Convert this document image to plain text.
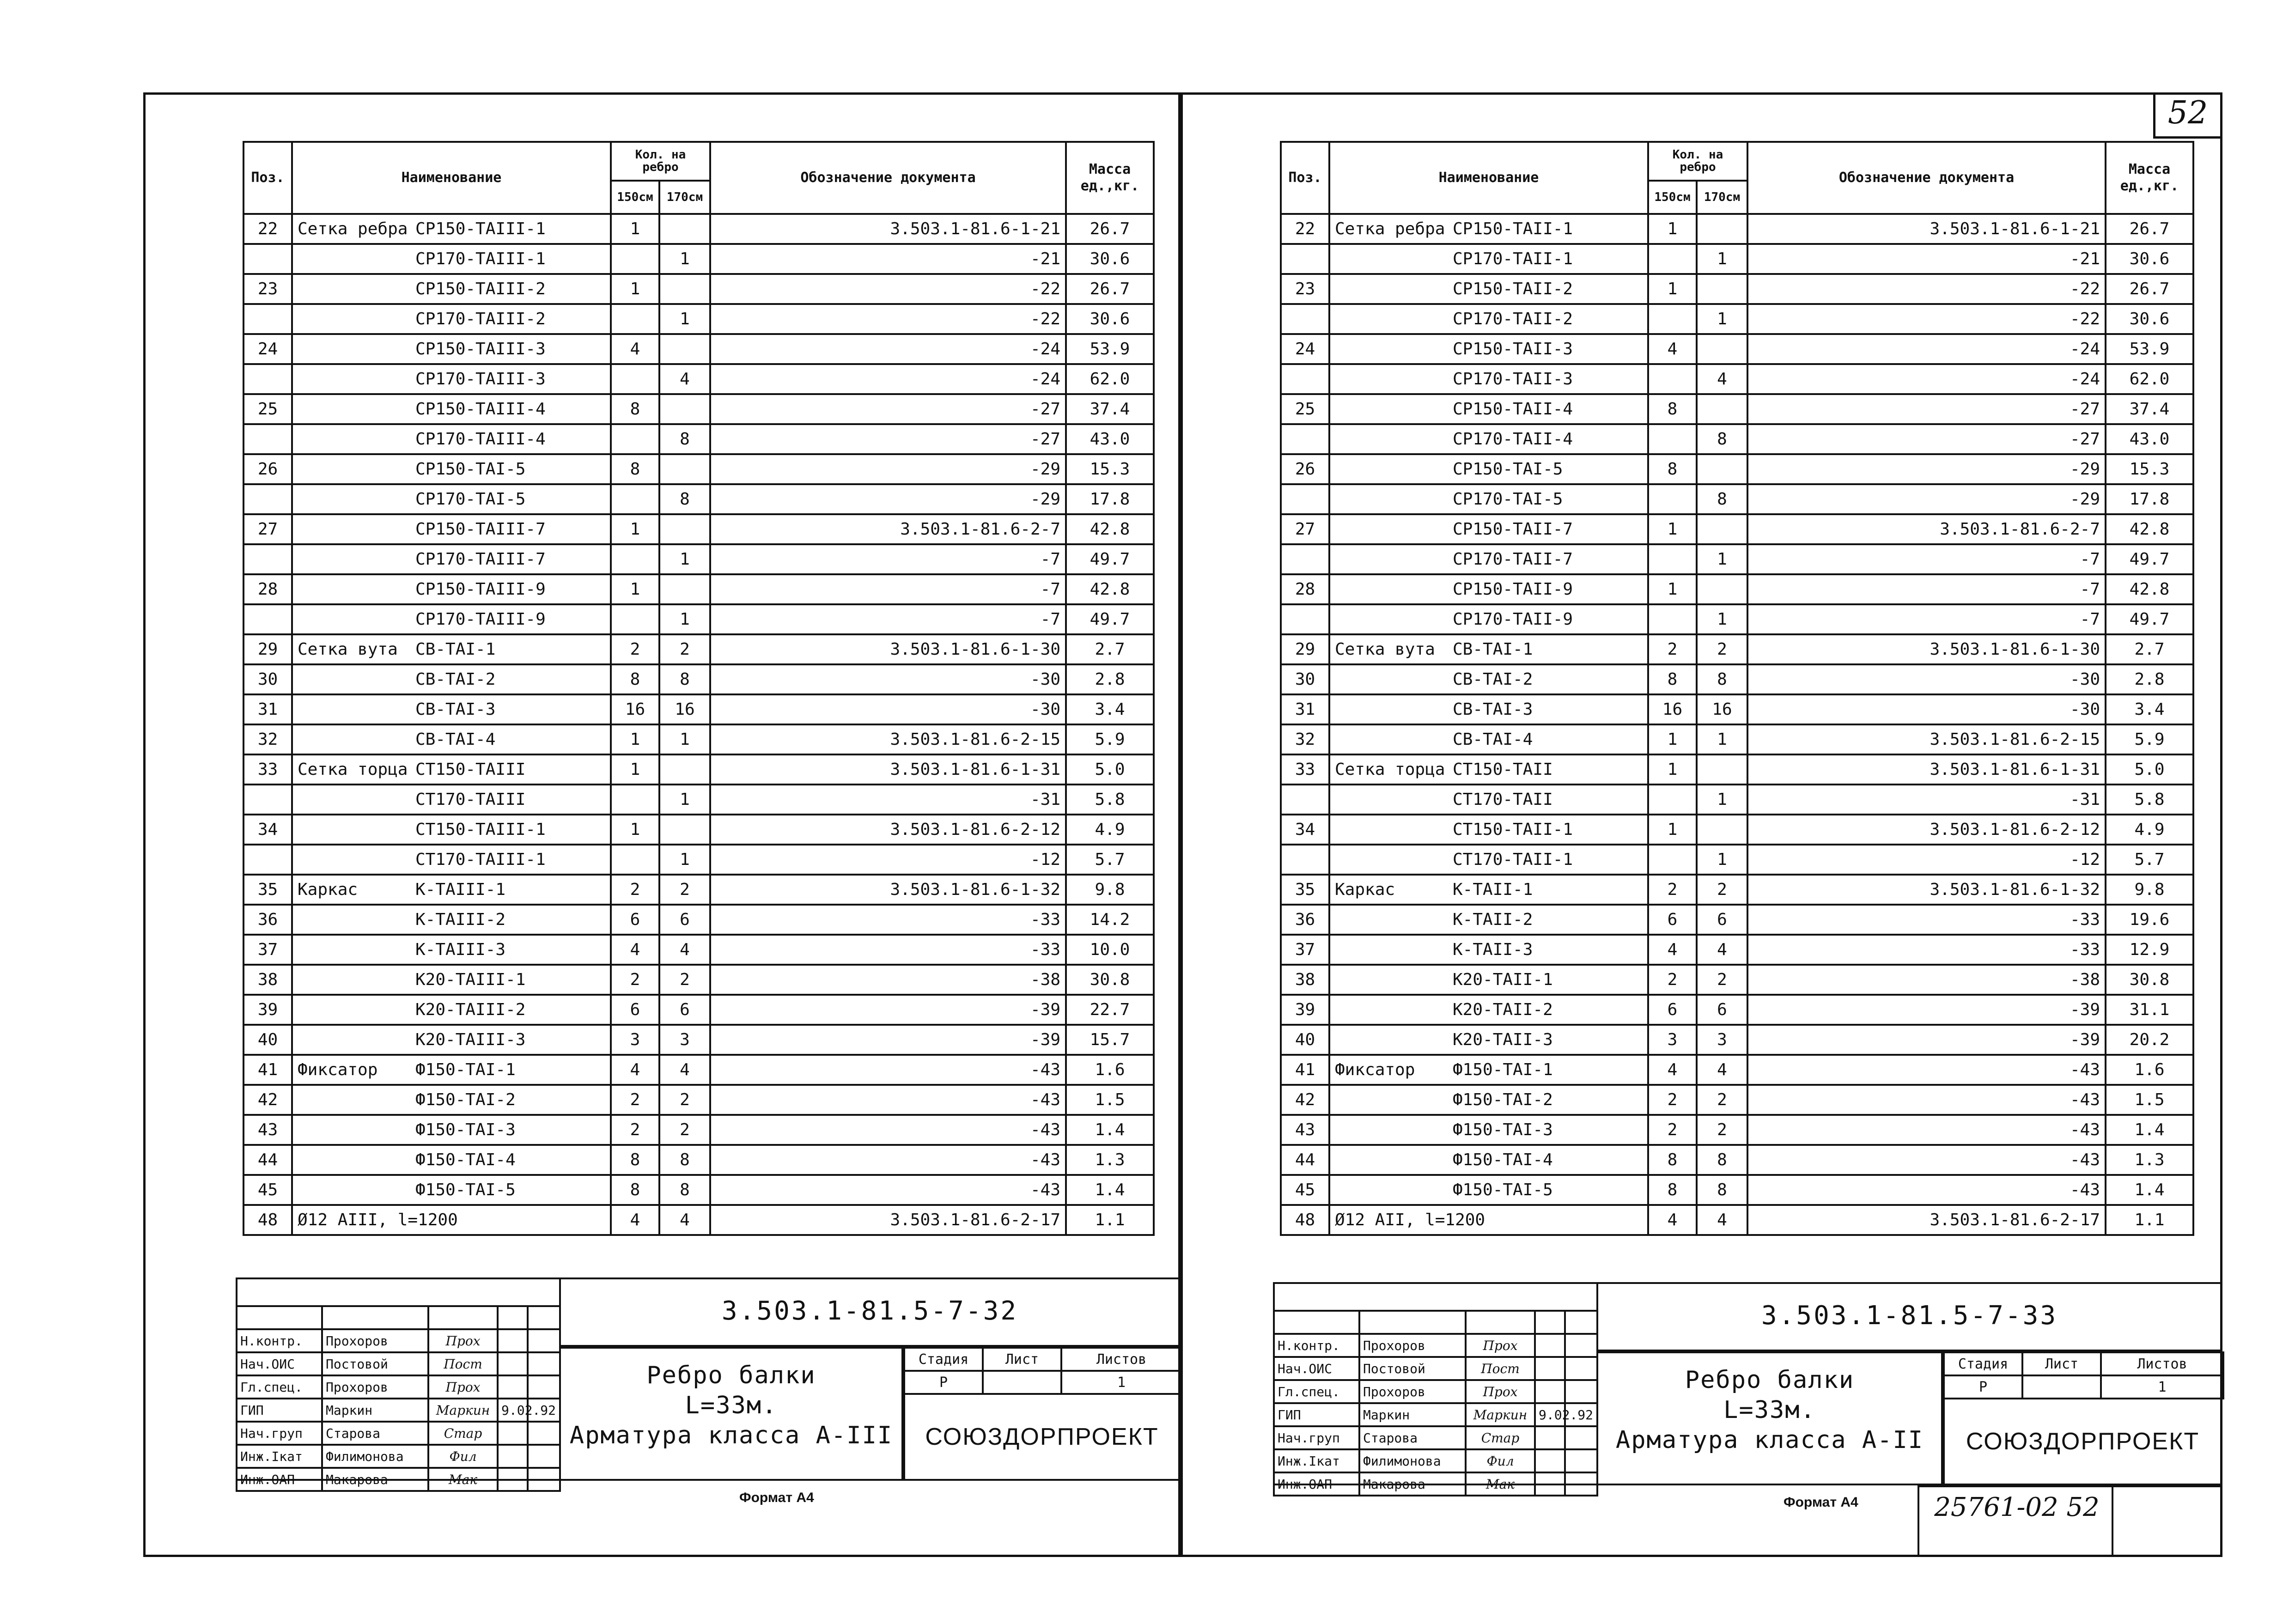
52
Поз.	Наименование	Кол. на ребро		Обозначение документа	Масса ед.,кг.
		150см	170см		
22	Сетка ребра СР150-ТАIII-1	1		3.503.1-81.6-1-21	26.7
	СР170-ТАIII-1		1	-21	30.6
23	СР150-ТАIII-2	1		-22	26.7
	СР170-ТАIII-2		1	-22	30.6
24	СР150-ТАIII-3	4		-24	53.9
	СР170-ТАIII-3		4	-24	62.0
25	СР150-ТАIII-4	8		-27	37.4
	СР170-ТАIII-4		8	-27	43.0
26	СР150-ТАI-5	8		-29	15.3
	СР170-ТАI-5		8	-29	17.8
27	СР150-ТАIII-7	1		3.503.1-81.6-2-7	42.8
	СР170-ТАIII-7		1	-7	49.7
28	СР150-ТАIII-9	1		-7	42.8
	СР170-ТАIII-9		1	-7	49.7
29	Сетка вута СВ-ТАI-1	2	2	3.503.1-81.6-1-30	2.7
30	СВ-ТАI-2	8	8	-30	2.8
31	СВ-ТАI-3	16	16	-30	3.4
32	СВ-ТАI-4	1	1	3.503.1-81.6-2-15	5.9
33	Сетка торца СТ150-ТАIII	1		3.503.1-81.6-1-31	5.0
	СТ170-ТАIII		1	-31	5.8
34	СТ150-ТАIII-1	1		3.503.1-81.6-2-12	4.9
	СТ170-ТАIII-1		1	-12	5.7
35	Каркас К-ТАIII-1	2	2	3.503.1-81.6-1-32	9.8
36	К-ТАIII-2	6	6	-33	14.2
37	К-ТАIII-3	4	4	-33	10.0
38	К20-ТАIII-1	2	2	-38	30.8
39	К20-ТАIII-2	6	6	-39	22.7
40	К20-ТАIII-3	3	3	-39	15.7
41	Фиксатор Ф150-ТАI-1	4	4	-43	1.6
42	Ф150-ТАI-2	2	2	-43	1.5
43	Ф150-ТАI-3	2	2	-43	1.4
44	Ф150-ТАI-4	8	8	-43	1.3
45	Ф150-ТАI-5	8	8	-43	1.4
48	Ø12 АIII, l=1200	4	4	3.503.1-81.6-2-17	1.1
Поз.	Наименование	Кол. на ребро		Обозначение документа	Масса ед.,кг.
		150см	170см		
22	Сетка ребра СР150-ТАII-1	1		3.503.1-81.6-1-21	26.7
	СР170-ТАII-1		1	-21	30.6
23	СР150-ТАII-2	1		-22	26.7
	СР170-ТАII-2		1	-22	30.6
24	СР150-ТАII-3	4		-24	53.9
	СР170-ТАII-3		4	-24	62.0
25	СР150-ТАII-4	8		-27	37.4
	СР170-ТАII-4		8	-27	43.0
26	СР150-ТАI-5	8		-29	15.3
	СР170-ТАI-5		8	-29	17.8
27	СР150-ТАII-7	1		3.503.1-81.6-2-7	42.8
	СР170-ТАII-7		1	-7	49.7
28	СР150-ТАII-9	1		-7	42.8
	СР170-ТАII-9		1	-7	49.7
29	Сетка вута СВ-ТАI-1	2	2	3.503.1-81.6-1-30	2.7
30	СВ-ТАI-2	8	8	-30	2.8
31	СВ-ТАI-3	16	16	-30	3.4
32	СВ-ТАI-4	1	1	3.503.1-81.6-2-15	5.9
33	Сетка торца СТ150-ТАII	1		3.503.1-81.6-1-31	5.0
	СТ170-ТАII		1	-31	5.8
34	СТ150-ТАII-1	1		3.503.1-81.6-2-12	4.9
	СТ170-ТАII-1		1	-12	5.7
35	Каркас К-ТАII-1	2	2	3.503.1-81.6-1-32	9.8
36	К-ТАII-2	6	6	-33	19.6
37	К-ТАII-3	4	4	-33	12.9
38	К20-ТАII-1	2	2	-38	30.8
39	К20-ТАII-2	6	6	-39	31.1
40	К20-ТАII-3	3	3	-39	20.2
41	Фиксатор Ф150-ТАI-1	4	4	-43	1.6
42	Ф150-ТАI-2	2	2	-43	1.5
43	Ф150-ТАI-3	2	2	-43	1.4
44	Ф150-ТАI-4	8	8	-43	1.3
45	Ф150-ТАI-5	8	8	-43	1.4
48	Ø12 АII, l=1200	4	4	3.503.1-81.6-2-17	1.1

Н.контр.	Прохоров	Прох		
Нач.ОИС	Постовой	Пост		
Гл.спец.	Прохоров	Прох		
ГИП	Маркин	Маркин	9.02.92	
Нач.груп	Старова	Стар		
Инж.Iкат	Филимонова	Фил		
Инж.ОАП	Макарова	Мак		
3.503.1-81.5-7-32
Ребро балки
L=33м.
Арматура класса А-III
Стадия	Лист	Листов
Р		1
СОЮЗДОРПРОЕКТ
Формат А4

Н.контр.	Прохоров	Прох		
Нач.ОИС	Постовой	Пост		
Гл.спец.	Прохоров	Прох		
ГИП	Маркин	Маркин	9.02.92	
Нач.груп	Старова	Стар		
Инж.Iкат	Филимонова	Фил		
Инж.ОАП	Макарова	Мак		
3.503.1-81.5-7-33
Ребро балки
L=33м.
Арматура класса А-II
Стадия	Лист	Листов
Р		1
СОЮЗДОРПРОЕКТ
Формат А4	25761-02 52
